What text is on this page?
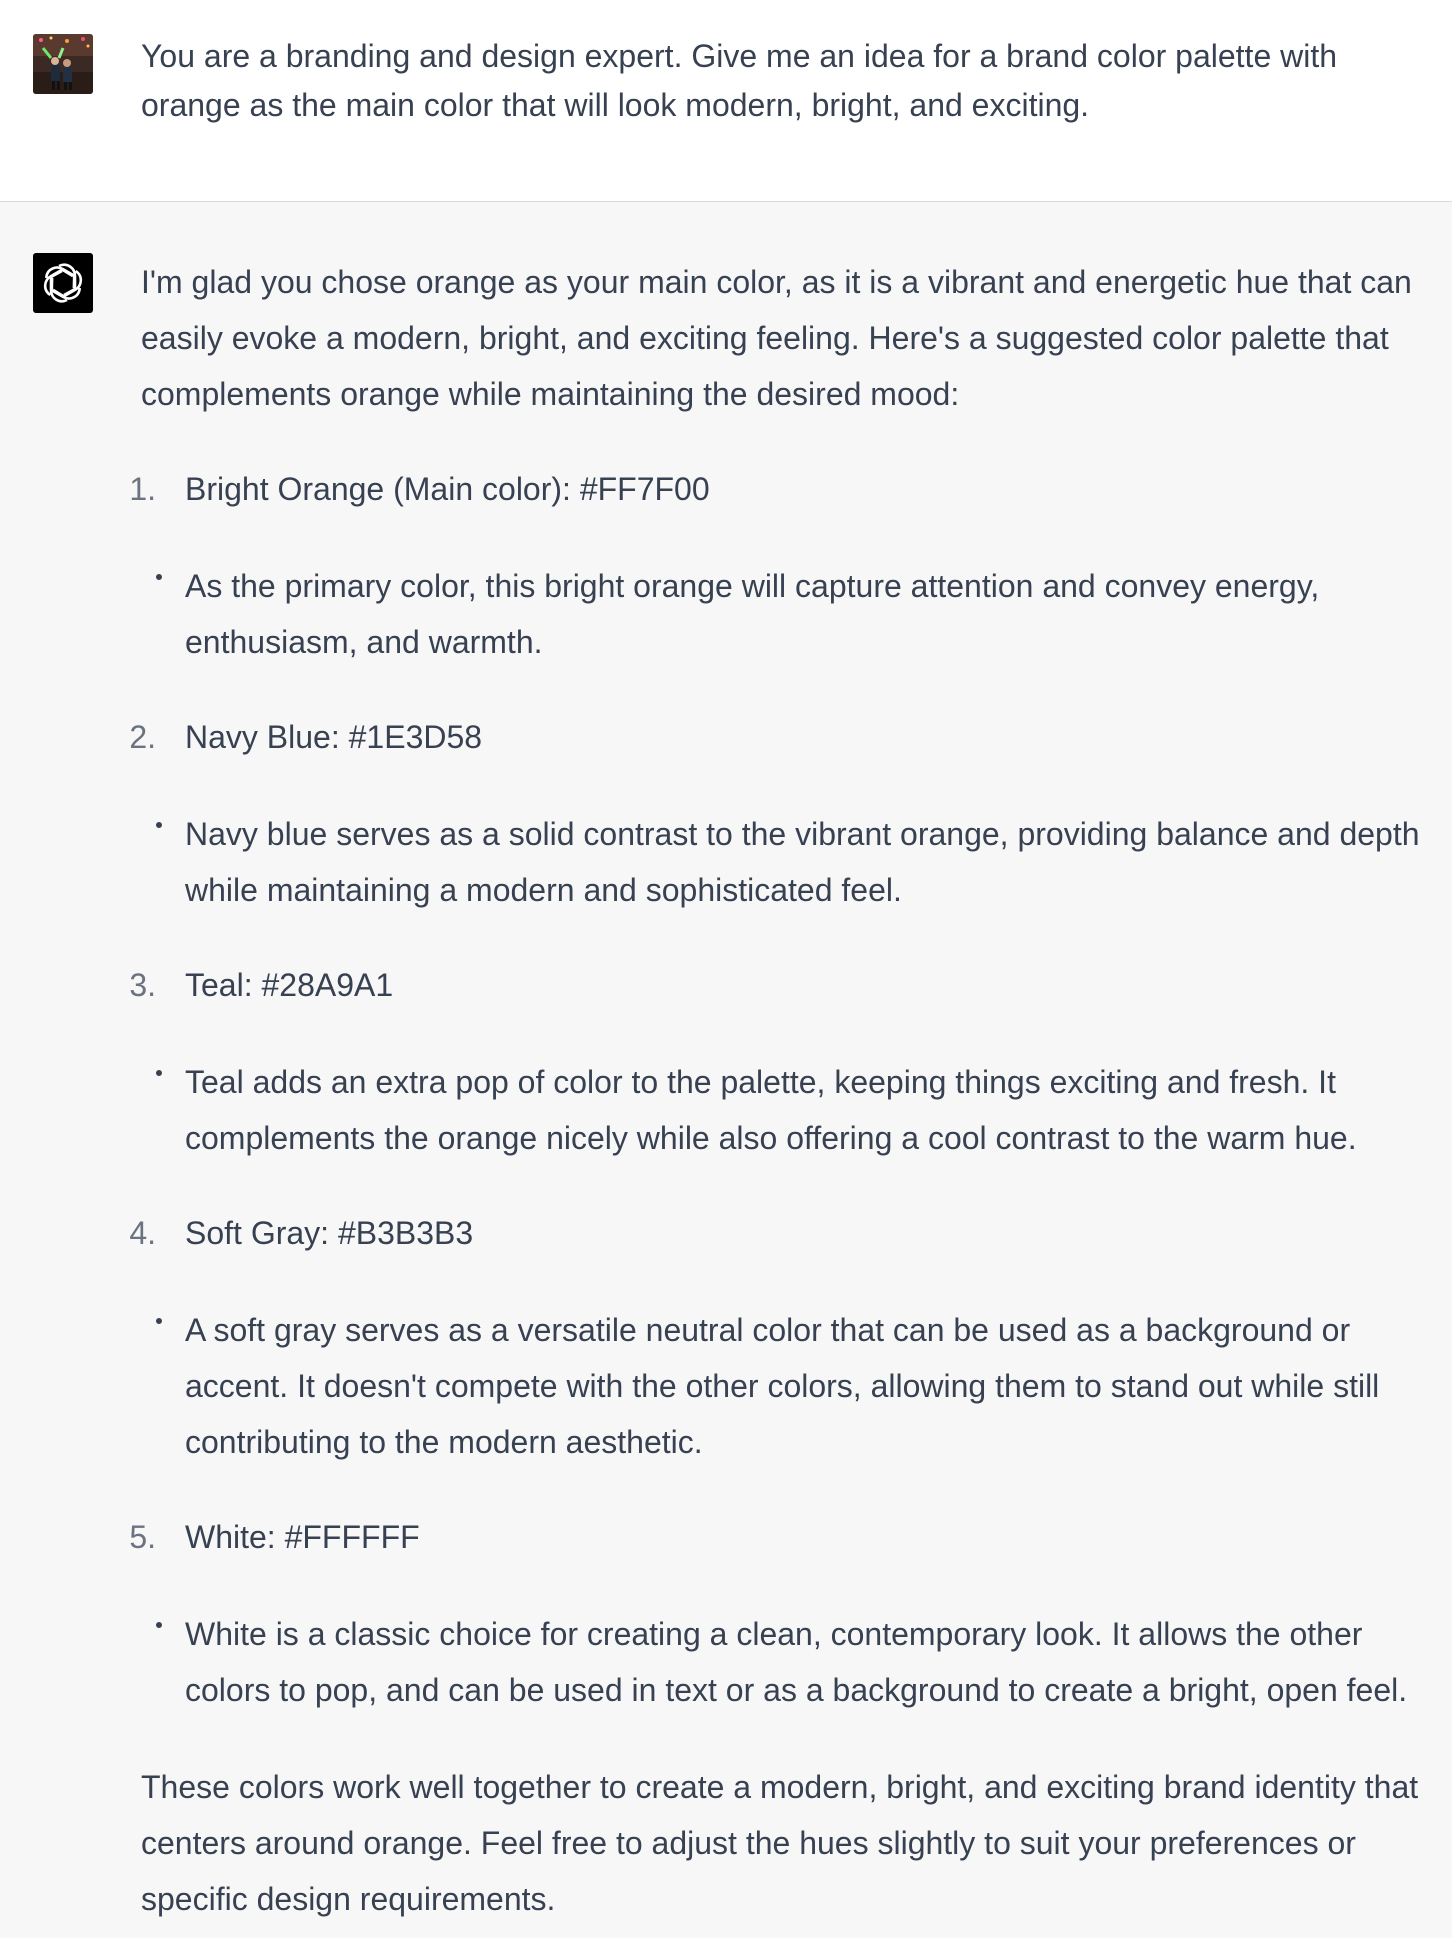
You are a branding and design expert. Give me an idea for a brand color palette with orange as the main color that will look modern, bright, and exciting.
I'm glad you chose orange as your main color, as it is a vibrant and energetic hue that can easily evoke a modern, bright, and exciting feeling. Here's a suggested color palette that complements orange while maintaining the desired mood:
1. Bright Orange (Main color): #FF7F00
As the primary color, this bright orange will capture attention and convey energy, enthusiasm, and warmth.
2. Navy Blue: #1E3D58
Navy blue serves as a solid contrast to the vibrant orange, providing balance and depth while maintaining a modern and sophisticated feel.
3. Teal: #28A9A1
Teal adds an extra pop of color to the palette, keeping things exciting and fresh. It complements the orange nicely while also offering a cool contrast to the warm hue.
4. Soft Gray: #B3B3B3
A soft gray serves as a versatile neutral color that can be used as a background or accent. It doesn't compete with the other colors, allowing them to stand out while still contributing to the modern aesthetic.
5. White: #FFFFFF
White is a classic choice for creating a clean, contemporary look. It allows the other colors to pop, and can be used in text or as a background to create a bright, open feel.
These colors work well together to create a modern, bright, and exciting brand identity that centers around orange. Feel free to adjust the hues slightly to suit your preferences or specific design requirements.
